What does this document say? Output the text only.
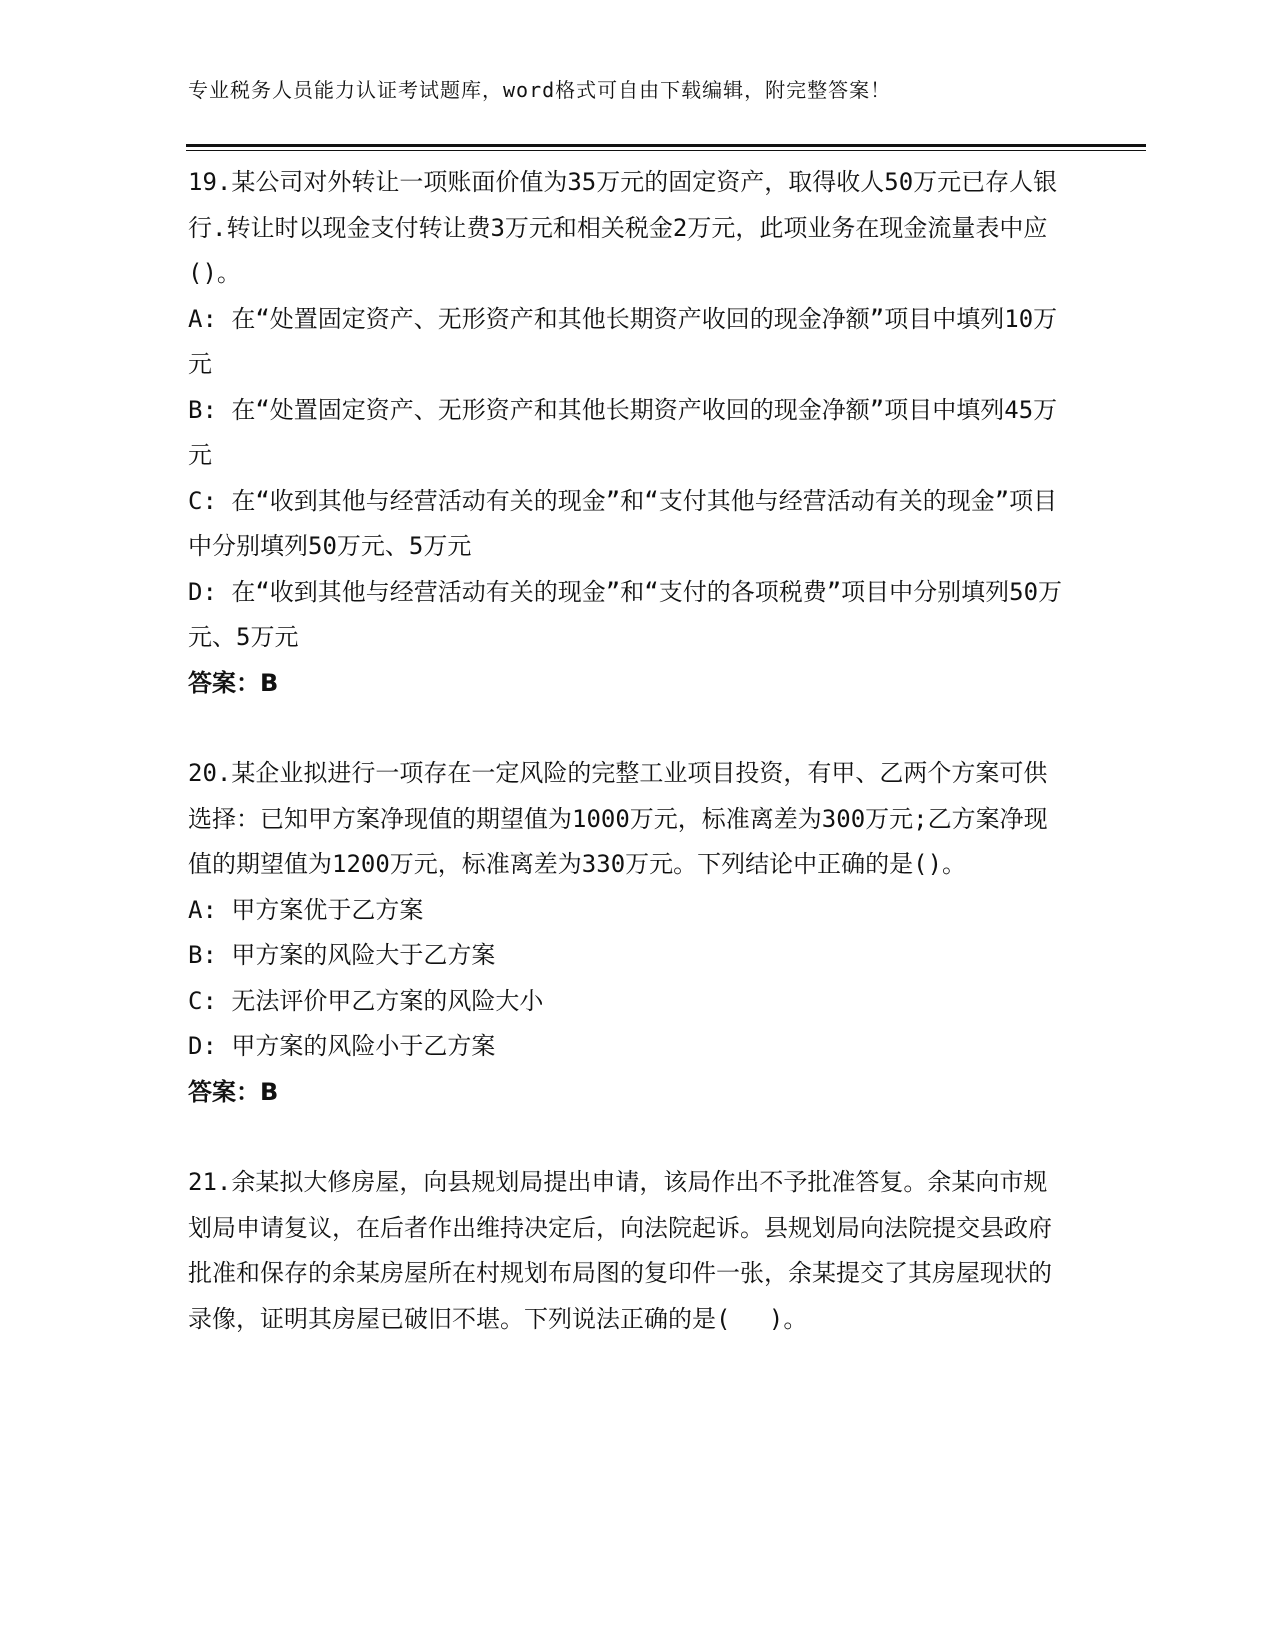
专业税务人员能力认证考试题库，word格式可自由下载编辑，附完整答案！

19.某公司对外转让一项账面价值为35万元的固定资产，取得收人50万元已存人银行.转让时以现金支付转让费3万元和相关税金2万元，此项业务在现金流量表中应()。

A: 在“处置固定资产、无形资产和其他长期资产收回的现金净额”项目中填列10万元

B: 在“处置固定资产、无形资产和其他长期资产收回的现金净额”项目中填列45万元

C: 在“收到其他与经营活动有关的现金”和“支付其他与经营活动有关的现金”项目中分别填列50万元、5万元

D: 在“收到其他与经营活动有关的现金”和“支付的各项税费”项目中分别填列50万元、5万元

答案：B

20.某企业拟进行一项存在一定风险的完整工业项目投资，有甲、乙两个方案可供选择：已知甲方案净现值的期望值为1000万元，标准离差为300万元;乙方案净现值的期望值为1200万元，标准离差为330万元。下列结论中正确的是()。

A: 甲方案优于乙方案

B: 甲方案的风险大于乙方案

C: 无法评价甲乙方案的风险大小

D: 甲方案的风险小于乙方案

答案：B

21.余某拟大修房屋，向县规划局提出申请，该局作出不予批准答复。余某向市规划局申请复议，在后者作出维持决定后，向法院起诉。县规划局向法院提交县政府批准和保存的余某房屋所在村规划布局图的复印件一张，余某提交了其房屋现状的录像，证明其房屋已破旧不堪。下列说法正确的是(　 )。
